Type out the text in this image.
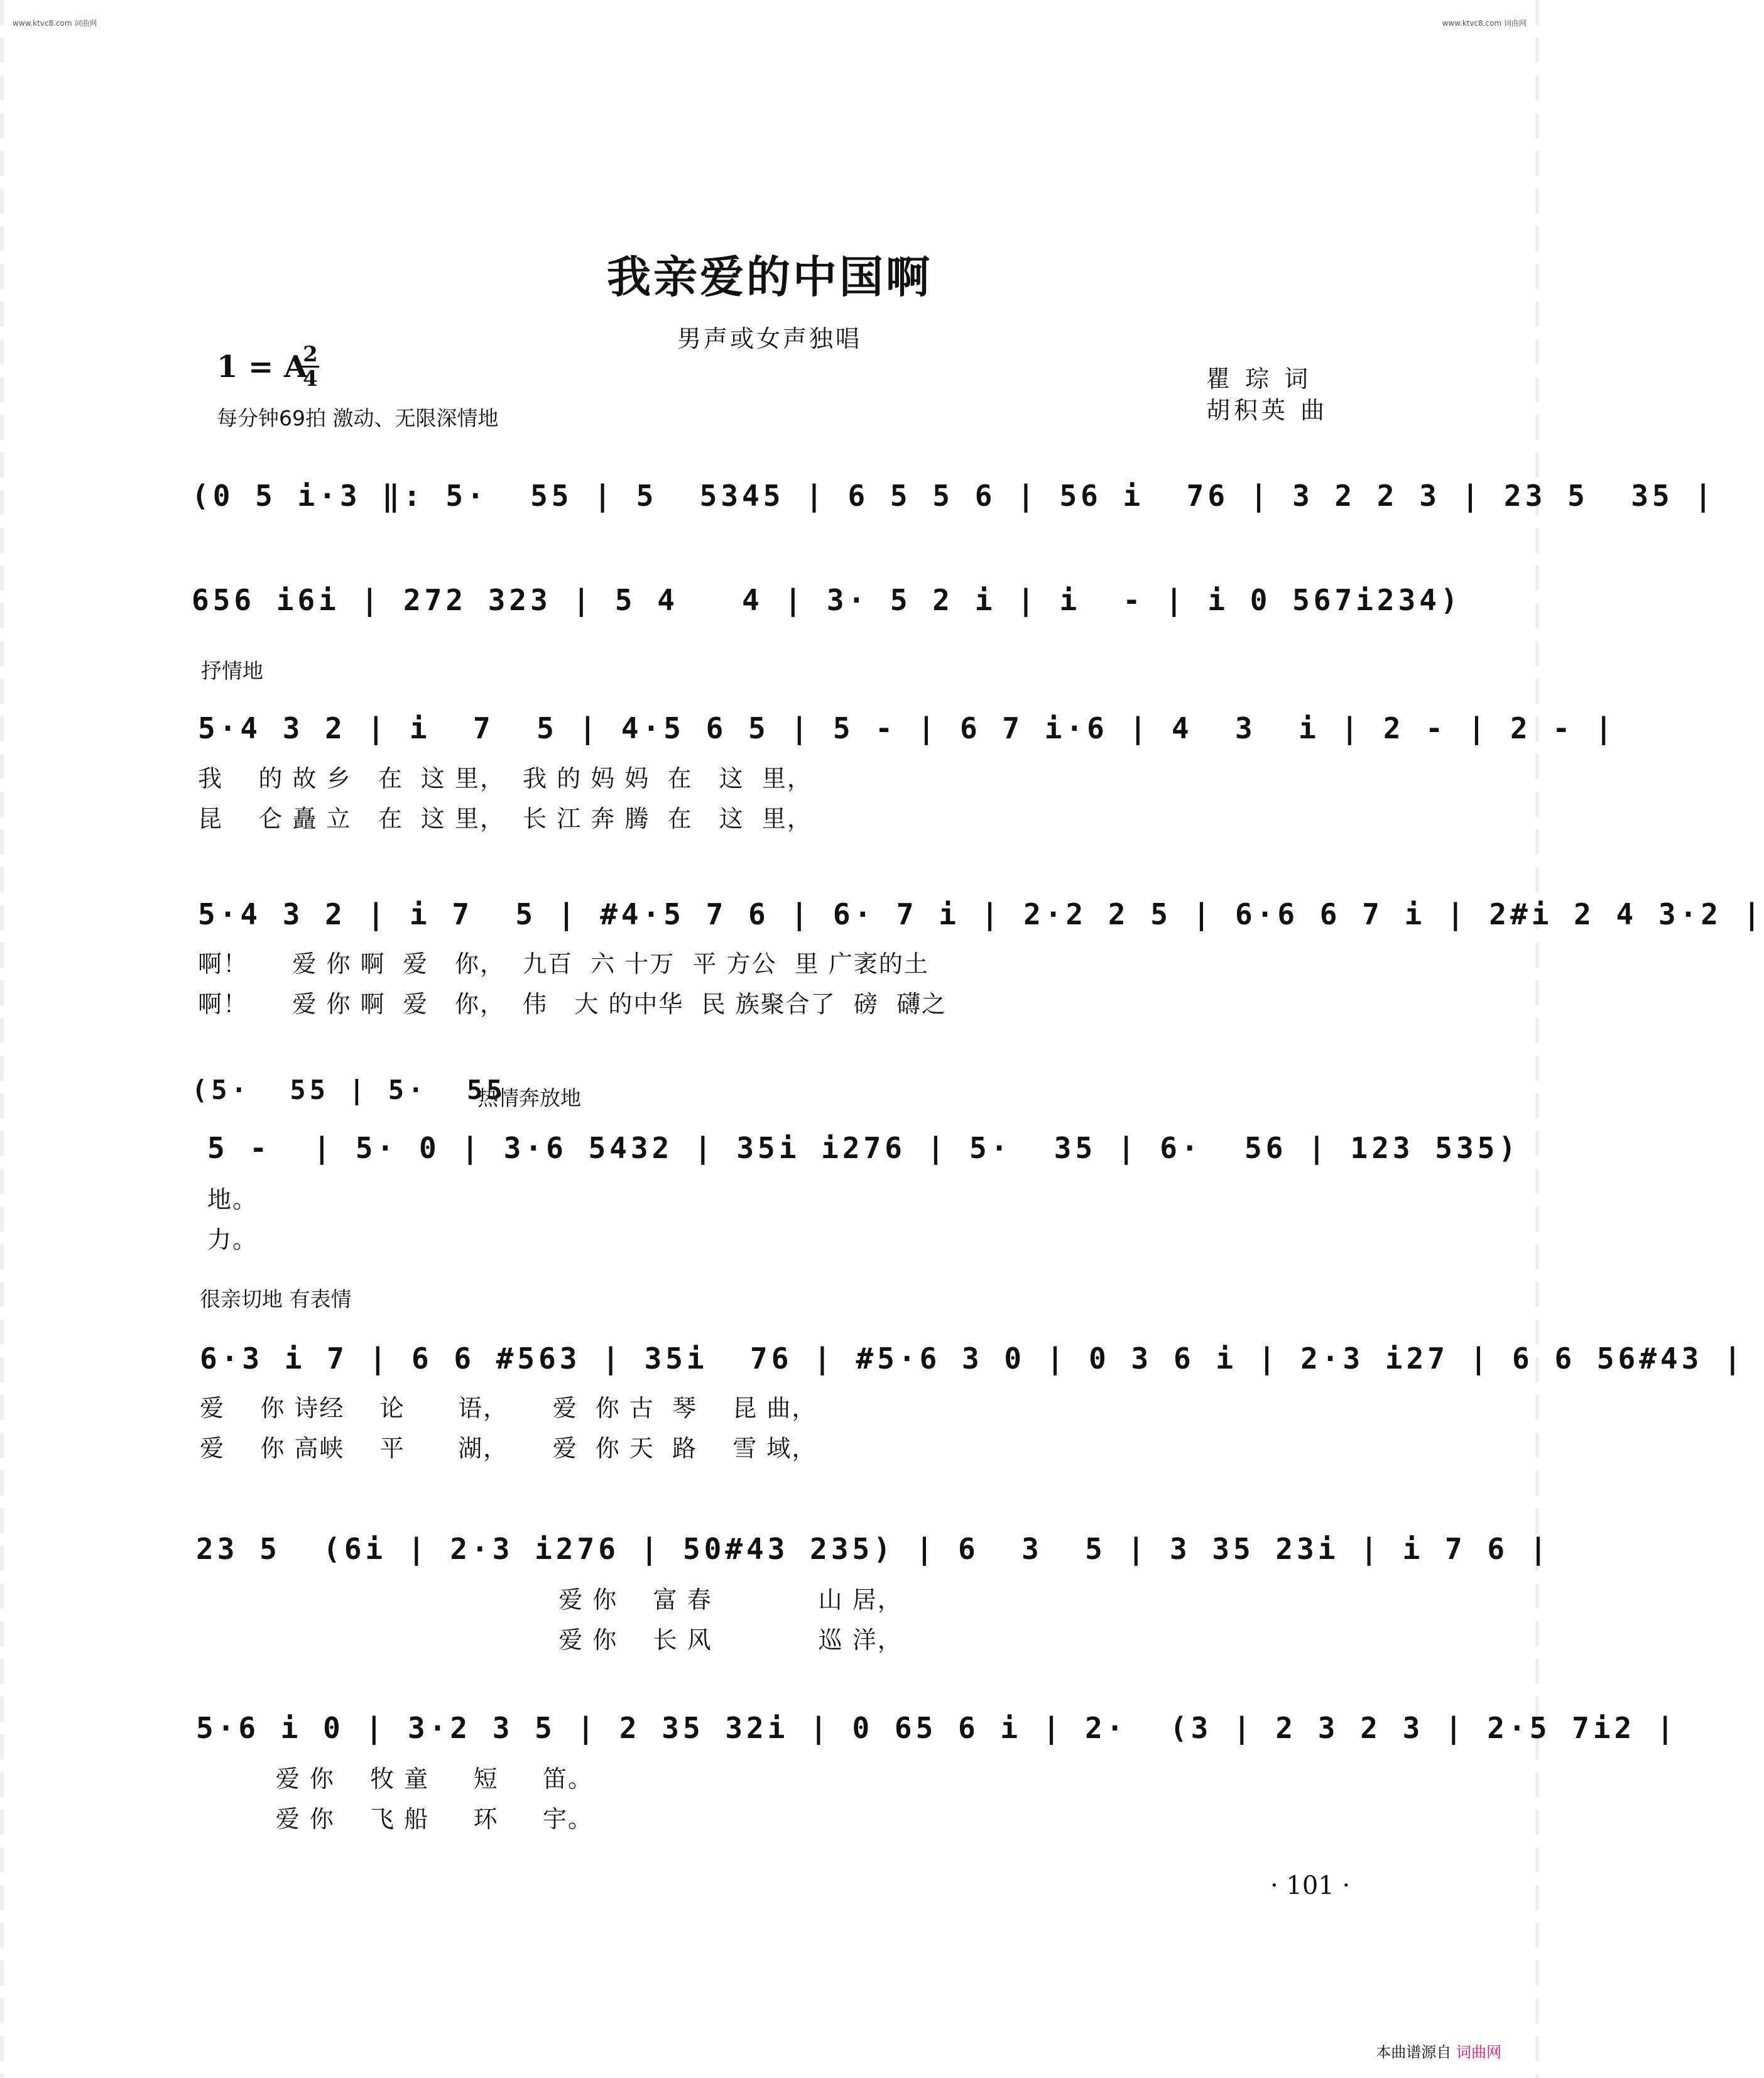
www.ktvc8.com 词曲网	www.ktvc8.com 词曲网
我亲爱的中国啊
男声或女声独唱
1 = A
2
4
每分钟69拍 激动、无限深情地
瞿 琮 词
胡积英 曲
(0 5 i·3 ‖: 5·  55 | 5  5345 | 6 5 5 6 | 56 i  76 | 3 2 2 3 | 23 5  35 |
656 i6i | 272 323 | 5 4   4 | 3· 5 2 i | i  - | i 0 567i234)
抒情地
5·4 3 2 | i  7  5 | 4·5 6 5 | 5 - | 6 7 i·6 | 4  3  i | 2 - | 2 - |
我    的 故 乡   在  这 里，  我 的 妈 妈  在   这  里，
昆    仑 矗 立   在  这 里，  长 江 奔 腾  在   这  里，
5·4 3 2 | i 7  5 | #4·5 7 6 | 6· 7 i | 2·2 2 5 | 6·6 6 7 i | 2#i 2 4 3·2 |
啊！     爱 你 啊  爱   你，  九百  六 十万  平 方公  里 广袤的土
啊！     爱 你 啊  爱   你，  伟   大 的中华  民 族聚合了  磅  礴之
(5·  55 | 5·  55
热情奔放地
5 -  | 5· 0 | 3·6 5432 | 35i i276 | 5·  35 | 6·  56 | 123 535)
地。
力。
很亲切地 有表情
6·3 i 7 | 6 6 #563 | 35i  76 | #5·6 3 0 | 0 3 6 i | 2·3 i27 | 6 6 56#43 |
爱    你 诗经    论      语，     爱  你 古  琴    昆 曲，
爱    你 高峡    平      湖，     爱  你 天  路    雪 域，
23 5  (6i | 2·3 i276 | 50#43 235) | 6  3  5 | 3 35 23i | i 7 6 |
爱 你    富 春            山 居，
爱 你    长 风            巡 洋，
5·6 i 0 | 3·2 3 5 | 2 35 32i | 0 65 6 i | 2·  (3 | 2 3 2 3 | 2·5 7i2 |
爱 你    牧 童     短     笛。
爱 你    飞 船     环     宇。
· 101 ·
本曲谱源自 词曲网
